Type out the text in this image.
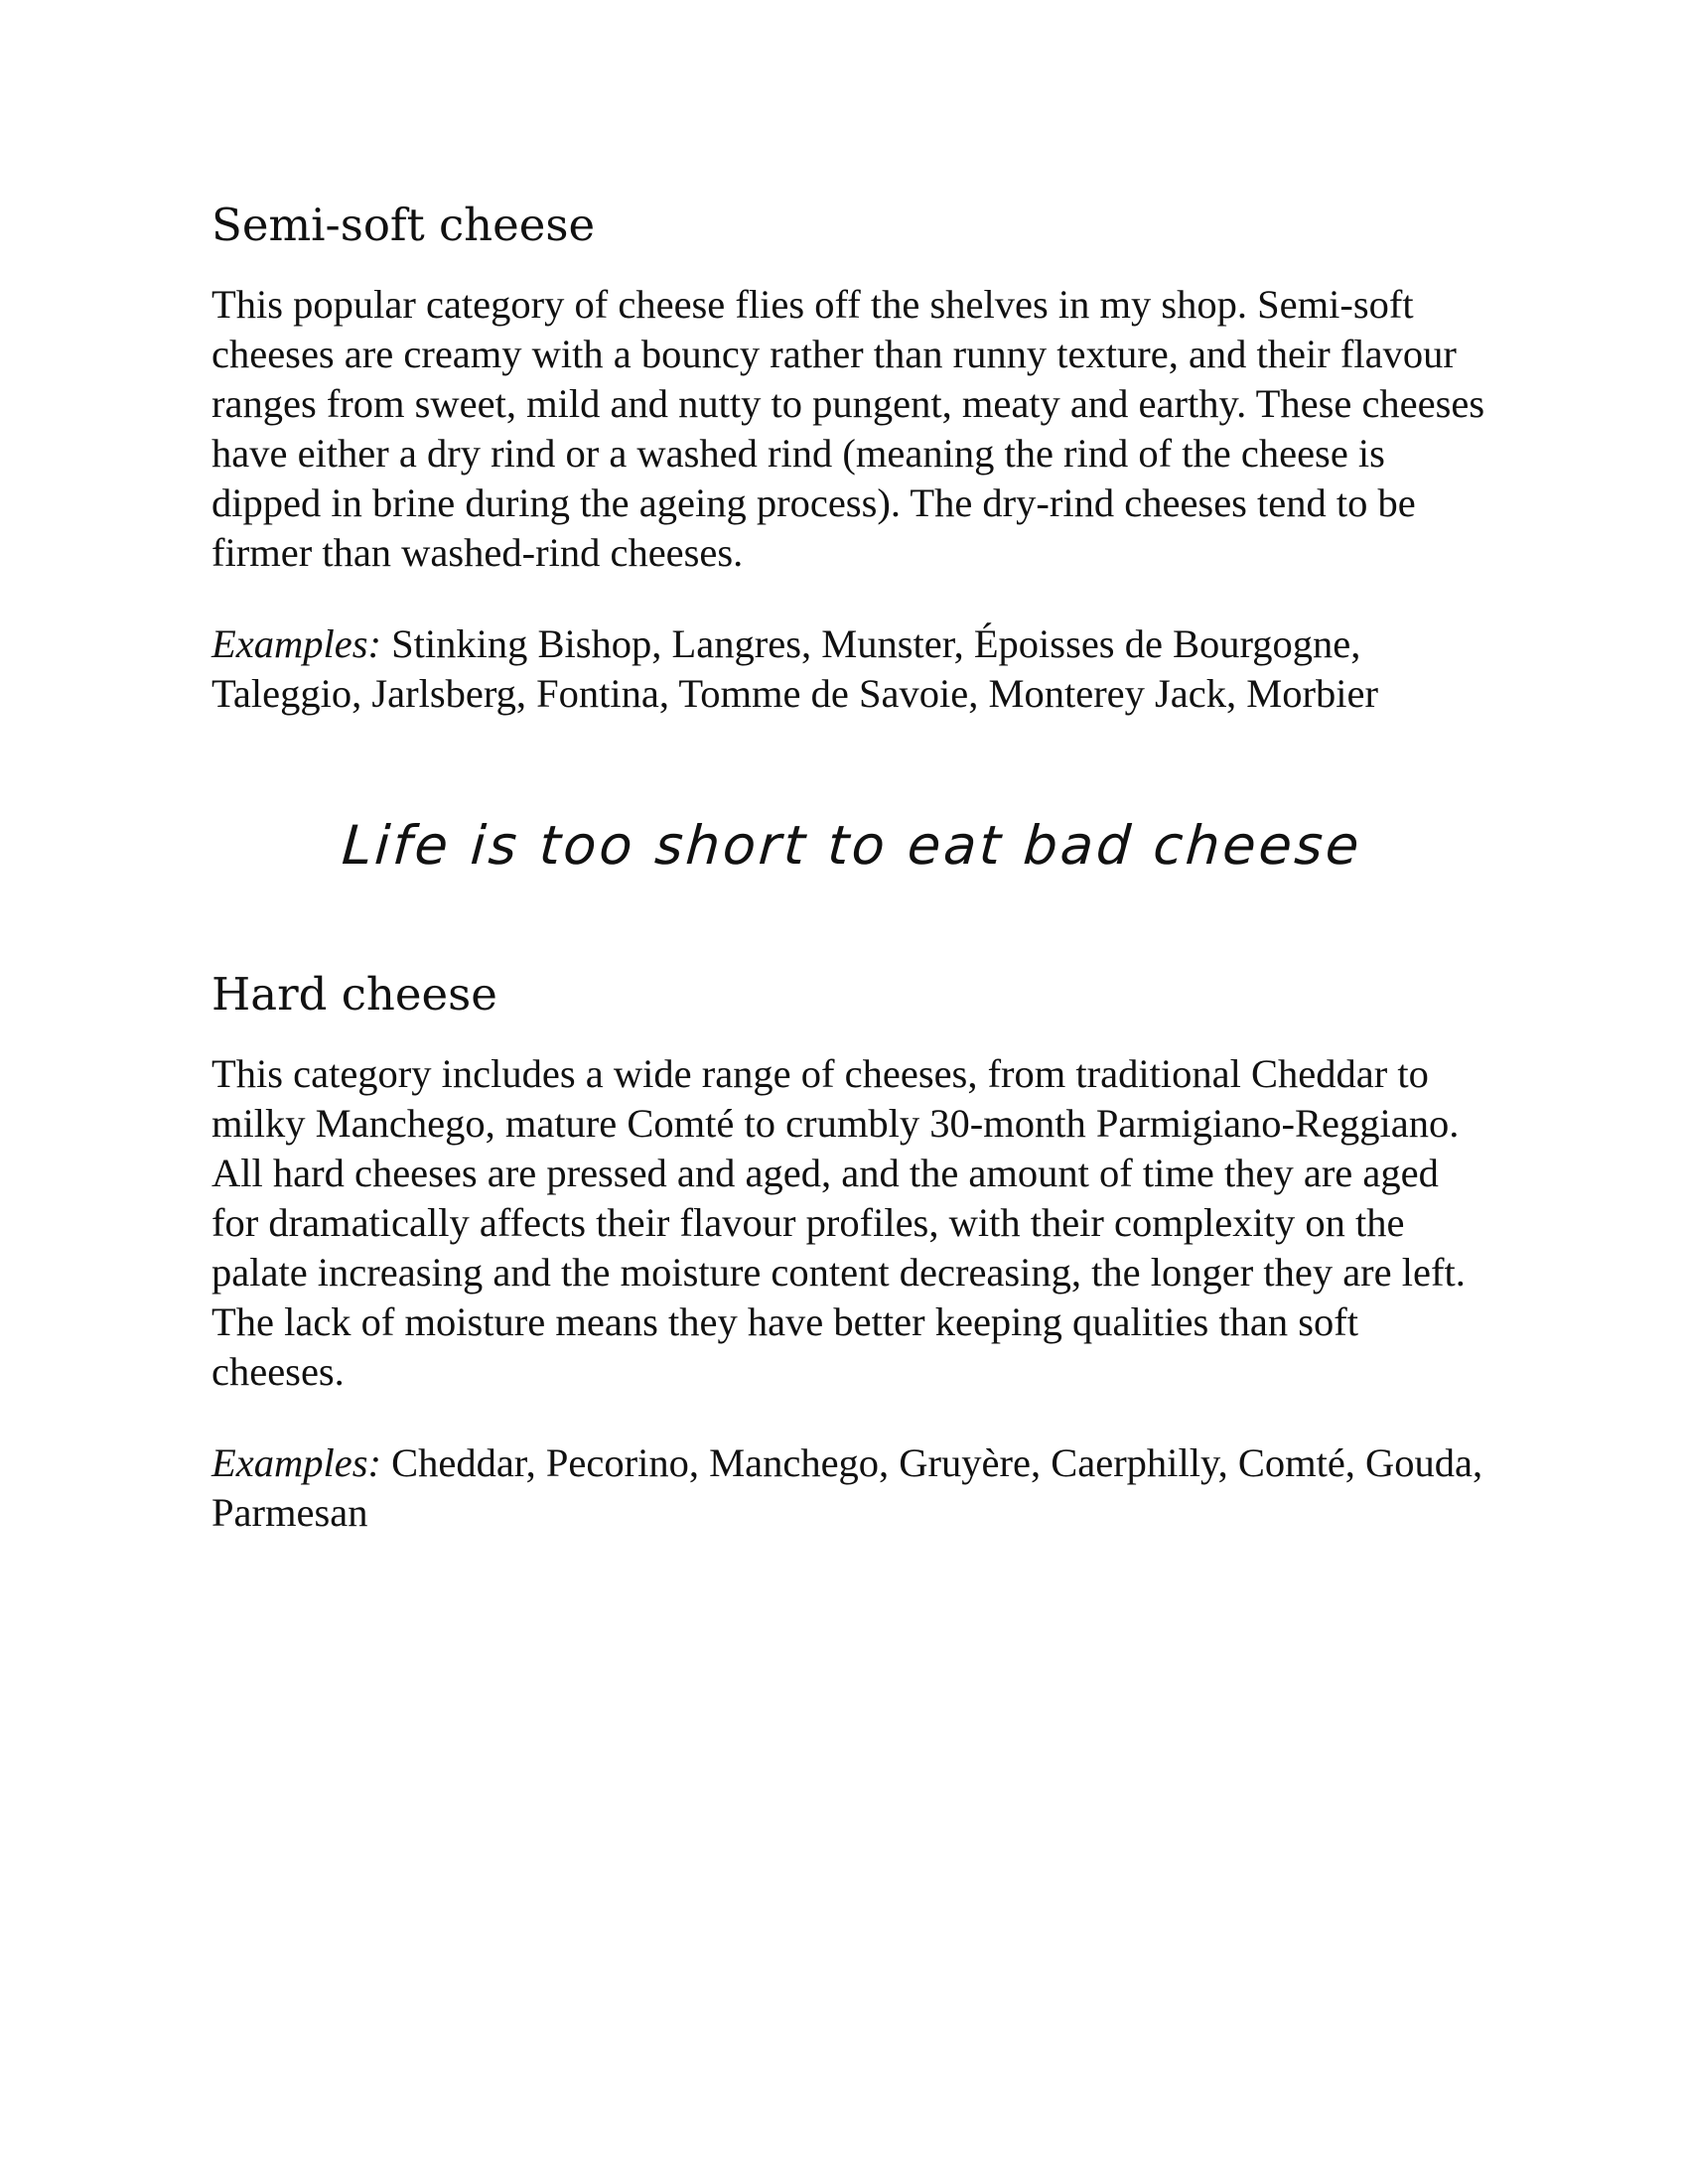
Semi-soft cheese

This popular category of cheese flies off the shelves in my shop. Semi-soft cheeses are creamy with a bouncy rather than runny texture, and their flavour ranges from sweet, mild and nutty to pungent, meaty and earthy. These cheeses have either a dry rind or a washed rind (meaning the rind of the cheese is dipped in brine during the ageing process). The dry-rind cheeses tend to be firmer than washed-rind cheeses.

Examples: Stinking Bishop, Langres, Munster, Époisses de Bourgogne, Taleggio, Jarlsberg, Fontina, Tomme de Savoie, Monterey Jack, Morbier

Life is too short to eat bad cheese

Hard cheese

This category includes a wide range of cheeses, from traditional Cheddar to milky Manchego, mature Comté to crumbly 30-month Parmigiano-Reggiano. All hard cheeses are pressed and aged, and the amount of time they are aged for dramatically affects their flavour profiles, with their complexity on the palate increasing and the moisture content decreasing, the longer they are left. The lack of moisture means they have better keeping qualities than soft cheeses.

Examples: Cheddar, Pecorino, Manchego, Gruyère, Caerphilly, Comté, Gouda, Parmesan
